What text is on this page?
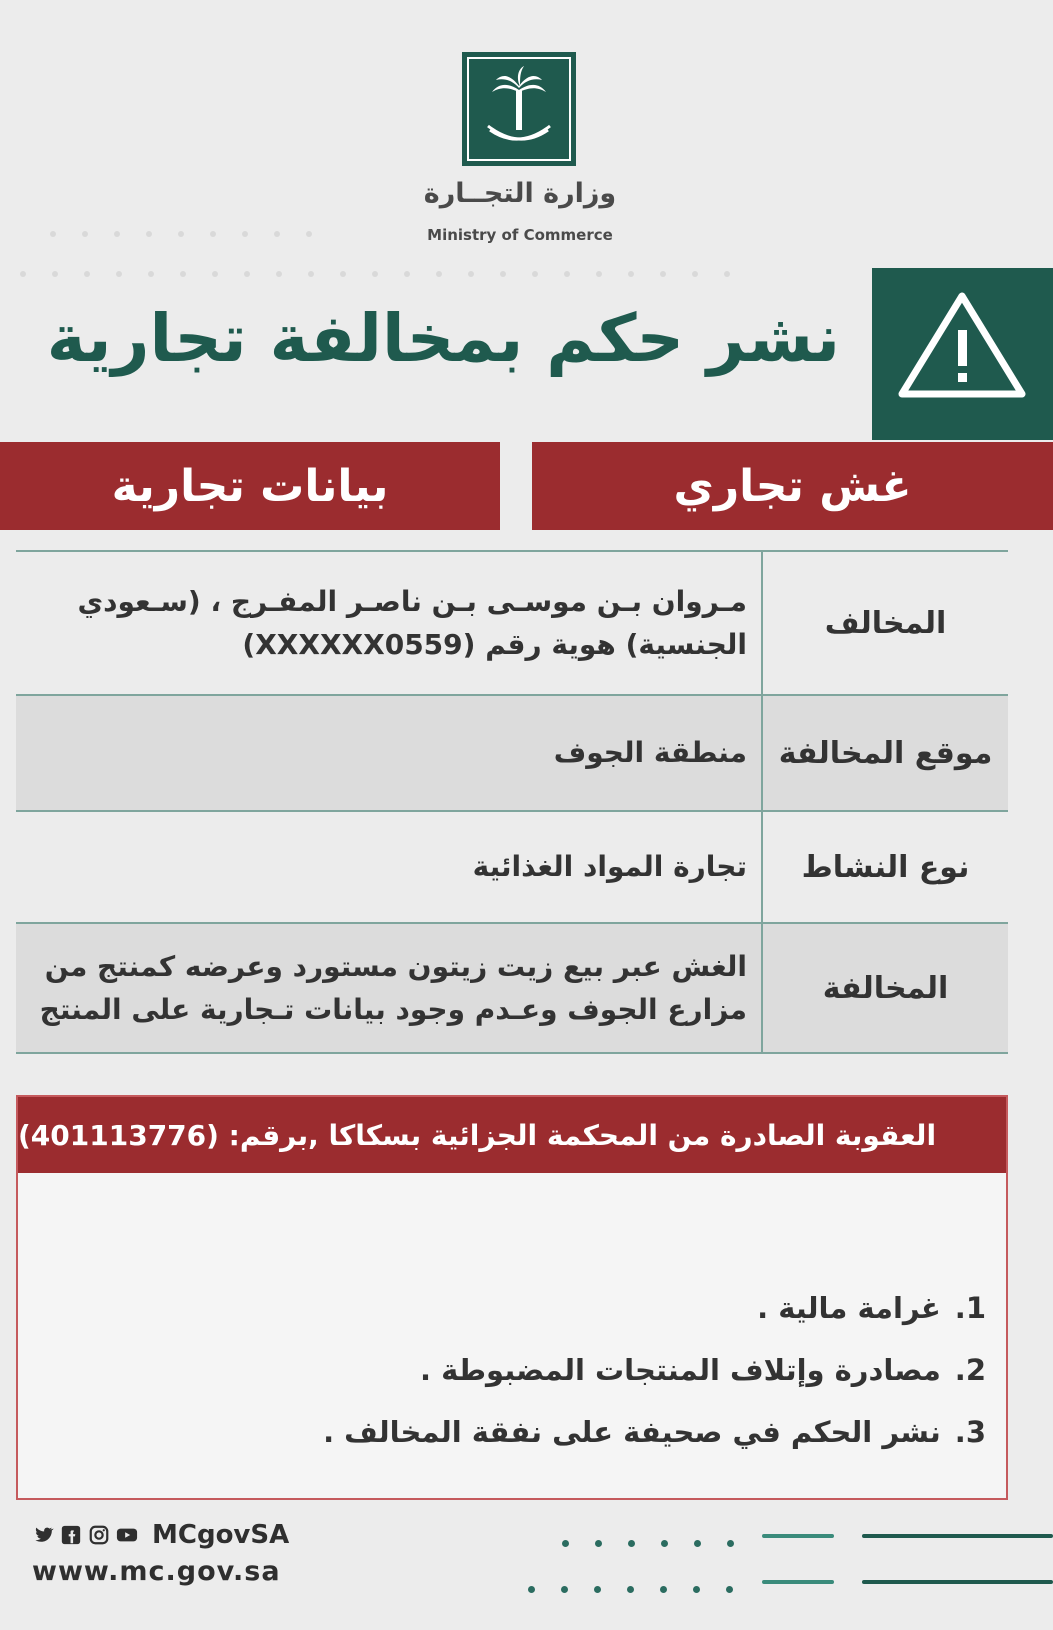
وزارة التجــارة
Ministry of Commerce
نشر حكم بمخالفة تجارية
غش تجاري
بيانات تجارية
المخالف
مـروان بـن موسـى بـن ناصـر المفـرج ، (سـعودي الجنسية) هوية رقم (XXXXXX0559)
موقع المخالفة
منطقة الجوف
نوع النشاط
تجارة المواد الغذائية
المخالفة
الغش عبر بيع زيت زيتون مستورد وعرضه كمنتج من مزارع الجوف وعـدم وجود بيانات تـجارية على المنتج
العقوبة الصادرة من المحكمة الجزائية بسكاكا ,برقم: (401113776)
1.
غرامة مالية .
2.
مصادرة وإتلاف المنتجات المضبوطة .
3.
نشر الحكم في صحيفة على نفقة المخالف .
MCgovSA
www.mc.gov.sa
